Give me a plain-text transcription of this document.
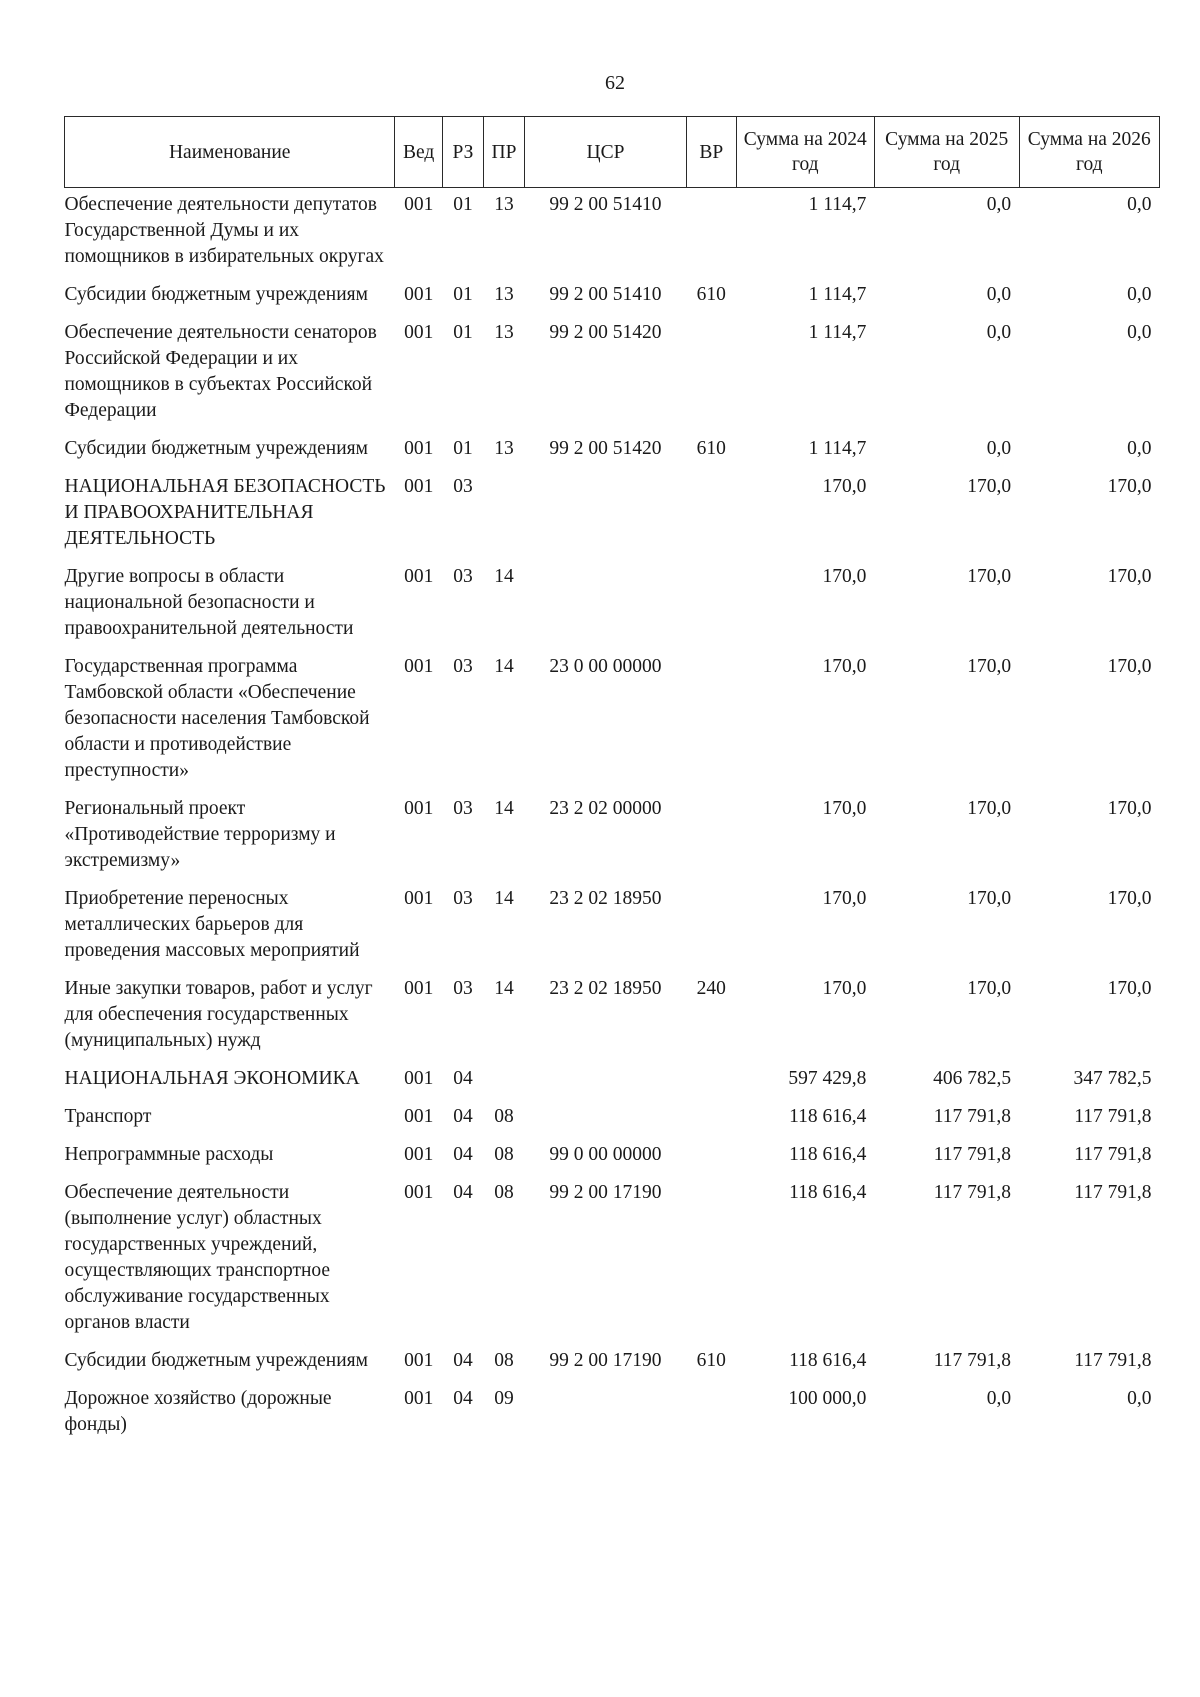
62
Наименование	Вед	РЗ	ПР	ЦСР	ВР	Сумма на 2024 год	Сумма на 2025 год	Сумма на 2026 год
Обеспечение деятельности депутатов Государственной Думы и их помощников в избирательных округах	001	01	13	99 2 00 51410		1 114,7	0,0	0,0
Субсидии бюджетным учреждениям	001	01	13	99 2 00 51410	610	1 114,7	0,0	0,0
Обеспечение деятельности сенаторов Российской Федерации и их помощников в субъектах Российской Федерации	001	01	13	99 2 00 51420		1 114,7	0,0	0,0
Субсидии бюджетным учреждениям	001	01	13	99 2 00 51420	610	1 114,7	0,0	0,0
НАЦИОНАЛЬНАЯ БЕЗОПАСНОСТЬ И ПРАВООХРАНИТЕЛЬНАЯ ДЕЯТЕЛЬНОСТЬ	001	03				170,0	170,0	170,0
Другие вопросы в области национальной безопасности и правоохранительной деятельности	001	03	14			170,0	170,0	170,0
Государственная программа Тамбовской области «Обеспечение безопасности населения Тамбовской области и противодействие преступности»	001	03	14	23 0 00 00000		170,0	170,0	170,0
Региональный проект «Противодействие терроризму и экстремизму»	001	03	14	23 2 02 00000		170,0	170,0	170,0
Приобретение переносных металлических барьеров для проведения массовых мероприятий	001	03	14	23 2 02 18950		170,0	170,0	170,0
Иные закупки товаров, работ и услуг для обеспечения государственных (муниципальных) нужд	001	03	14	23 2 02 18950	240	170,0	170,0	170,0
НАЦИОНАЛЬНАЯ ЭКОНОМИКА	001	04				597 429,8	406 782,5	347 782,5
Транспорт	001	04	08			118 616,4	117 791,8	117 791,8
Непрограммные расходы	001	04	08	99 0 00 00000		118 616,4	117 791,8	117 791,8
Обеспечение деятельности (выполнение услуг) областных государственных учреждений, осуществляющих транспортное обслуживание государственных органов власти	001	04	08	99 2 00 17190		118 616,4	117 791,8	117 791,8
Субсидии бюджетным учреждениям	001	04	08	99 2 00 17190	610	118 616,4	117 791,8	117 791,8
Дорожное хозяйство (дорожные фонды)	001	04	09			100 000,0	0,0	0,0
